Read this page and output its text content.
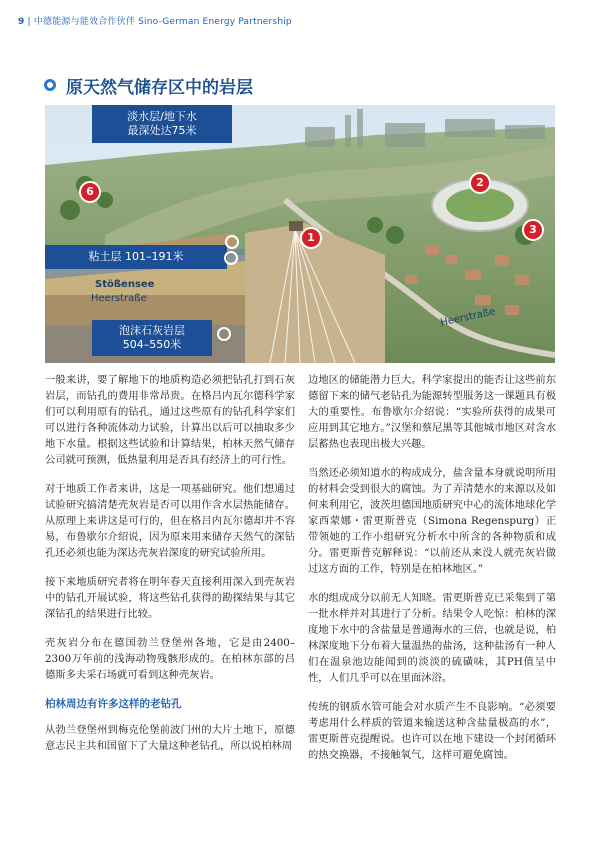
9 | 中德能源与能效合作伙伴 Sino-German Energy Partnership
原天然气储存区中的岩层
淡水层/地下水
最深处达75米
粘土层 101–191米
泡沫石灰岩层
504–550米
Stößensee
Heerstraße
Heerstraße
1
2
3
6

一般来讲，要了解地下的地质构造必须把钻孔打到石灰岩层，而钻孔的费用非常昂贵。在格吕内瓦尔德科学家们可以利用原有的钻孔，通过这些原有的钻孔科学家们可以进行各种流体动力试验，计算出以后可以抽取多少地下水量。根据这些试验和计算结果，柏林天然气储存公司就可预测，低热量利用是否具有经济上的可行性。

对于地质工作者来讲，这是一项基础研究。他们想通过试验研究搞清楚壳灰岩是否可以用作含水层热能储存。从原理上来讲这是可行的，但在格吕内瓦尔德却并不容易，布鲁歇尔介绍说，因为原来用来储存天然气的深钻孔还必须也能为深达壳灰岩深度的研究试验所用。

接下来地质研究者将在明年春天直接利用深入到壳灰岩中的钻孔开展试验，将这些钻孔获得的勘探结果与其它深钻孔的结果进行比较。

壳灰岩分布在德国勃兰登堡州各地，它是由2400–2300万年前的浅海动物残骸形成的。在柏林东部的吕德斯多夫采石场就可看到这种壳灰岩。

柏林周边有许多这样的老钻孔

从勃兰登堡州到梅克伦堡前波门州的大片土地下，原德意志民主共和国留下了大量这种老钻孔，所以说柏林周

边地区的储能潜力巨大。科学家提出的能否让这些前东德留下来的储气老钻孔为能源转型服务这一课题具有极大的重要性。布鲁歇尔介绍说：“实验所获得的成果可应用到其它地方。”汉堡和蔡尼黑等其他城市地区对含水层蓄热也表现出极大兴趣。

当然还必须知道水的构成成分，盐含量本身就说明所用的材料会受到很大的腐蚀。为了弄清楚水的来源以及如何来利用它，波茨坦德国地质研究中心的流体地球化学家西蒙娜・雷更斯普克（Simona Regenspurg）正带领她的工作小组研究分析水中所含的各种物质和成分。雷更斯普克解释说：“以前还从来没人就壳灰岩做过这方面的工作，特别是在柏林地区。”

水的组成成分以前无人知晓。雷更斯普克已采集到了第一批水样并对其进行了分析。结果令人吃惊：柏林的深度地下水中的含盐量是普通海水的三倍，也就是说，柏林深度地下分布着大量温热的盐汤，这种盐汤有一种人们在温泉池边能闻到的淡淡的硫磺味，其PH值呈中性，人们几乎可以在里面沐浴。

传统的钢质水管可能会对水质产生不良影响。“必须要考虑用什么样质的管道来输送这种含盐量极高的水”，雷更斯普克提醒说。也许可以在地下建设一个封闭循环的热交换器，不接触氧气，这样可避免腐蚀。
